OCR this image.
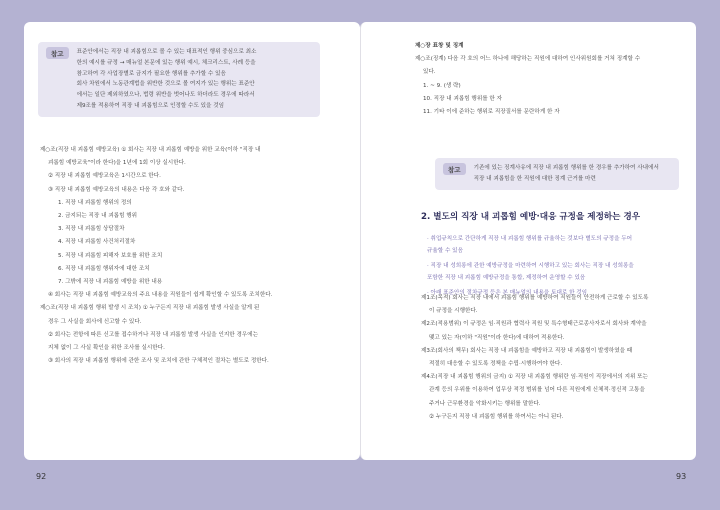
참고	표준안에서는 직장 내 괴롭힘으로 볼 수 있는 대표적인 행위 중심으로 최소
한의 예시를 규정 → 매뉴얼 본문에 있는 행위 예시, 체크리스트, 사례 등을
참고하여 각 사업장별로 금지가 필요한 행위를 추가할 수 있음
회사 차원에서 노동관계법을 위반한 것으로 볼 여지가 있는 행위는 표준안
에서는 일단 제외하였으나, 법령 위반을 벗어나도 하더라도 경우에 따라서
제9조를 적용하여 직장 내 괴롭힘으로 인정할 수도 있을 것임
제○조(직장 내 괴롭힘 예방교육) ① 회사는 직장 내 괴롭힘 예방을 위한 교육(이하 "직장 내
괴롭힘 예방교육"이라 한다)을 1년에 1회 이상 실시한다.
② 직장 내 괴롭힘 예방교육은 1시간으로 한다.
③ 직장 내 괴롭힘 예방교육의 내용은 다음 각 호와 같다.
1. 직장 내 괴롭힘 행위의 정의
2. 금지되는 직장 내 괴롭힘 행위
3. 직장 내 괴롭힘 상담절차
4. 직장 내 괴롭힘 사건처리절차
5. 직장 내 괴롭힘 피해자 보호를 위한 조치
6. 직장 내 괴롭힘 행위자에 대한 조치
7. 그밖에 직장 내 괴롭힘 예방을 위한 내용
④ 회사는 직장 내 괴롭힘 예방교육의 주요 내용을 직원들이 쉽게 확인할 수 있도록 조치한다.
제○조(직장 내 괴롭힘 행위 발생 시 조치) ① 누구든지 직장 내 괴롭힘 발생 사실을 알게 된
경우 그 사실을 회사에 신고할 수 있다.
② 회사는 전항에 따른 신고를 접수하거나 직장 내 괴롭힘 발생 사실을 인지한 경우에는
지체 없이 그 사실 확인을 위한 조사를 실시한다.
③ 회사의 직장 내 괴롭힘 행위에 관한 조사 및 조치에 관한 구체적인 절차는 별도로 정한다.
제○장 표창 및 징계
제○조(징계) 다음 각 호의 어느 하나에 해당하는 직원에 대하여 인사위원회를 거쳐 징계할 수
있다.
1. ~ 9. (생 략)
10. 직장 내 괴롭힘 행위를 한 자
11. 기타 이에 준하는 행위로 직장질서를 문란하게 한 자
참고	기존에 있는 징계사유에 직장 내 괴롭힘 행위를 한 경우를 추가하여 사내에서
직장 내 괴롭힘을 한 직원에 대한 징계 근거를 마련
2. 별도의 직장 내 괴롭힘 예방·대응 규정을 제정하는 경우
· 취업규칙으로 간단하게 직장 내 괴롭힘 행위를 규율하는 것보다 별도의 규정을 두어
규율할 수 있음
· 직장 내 성희롱에 관한 예방규정을 마련하여 시행하고 있는 회사는 직장 내 성희롱을
포함한 직장 내 괴롭힘 예방규정을 통합, 제정하여 운영할 수 있음
· 아래 표준안의 절차규정 등은 본 매뉴얼의 내용을 토대로 한 것임
제1조(목적) 회사는 직장 내에서 괴롭힘 행위를 예방하여 직원들이 안전하게 근로할 수 있도록
이 규정을 시행한다.
제2조(적용범위) 이 규정은 임·직원과 협력사 직원 및 특수형태근로종사자로서 회사와 계약을
맺고 있는 자(이하 "직원"이라 한다)에 대하여 적용한다.
제3조(회사의 책무) 회사는 직장 내 괴롭힘을 예방하고 직장 내 괴롭힘이 발생하였을 때
적절히 대응할 수 있도록 정책을 수립·시행하여야 한다.
제4조(직장 내 괴롭힘 행위의 금지) ① 직장 내 괴롭힘 행위란 임·직원이 직장에서의 지위 또는
관계 등의 우위를 이용하여 업무상 적정 범위를 넘어 다른 직원에게 신체적·정신적 고통을
주거나 근무환경을 악화시키는 행위를 말한다.
② 누구든지 직장 내 괴롭힘 행위를 하여서는 아니 된다.
92	93
